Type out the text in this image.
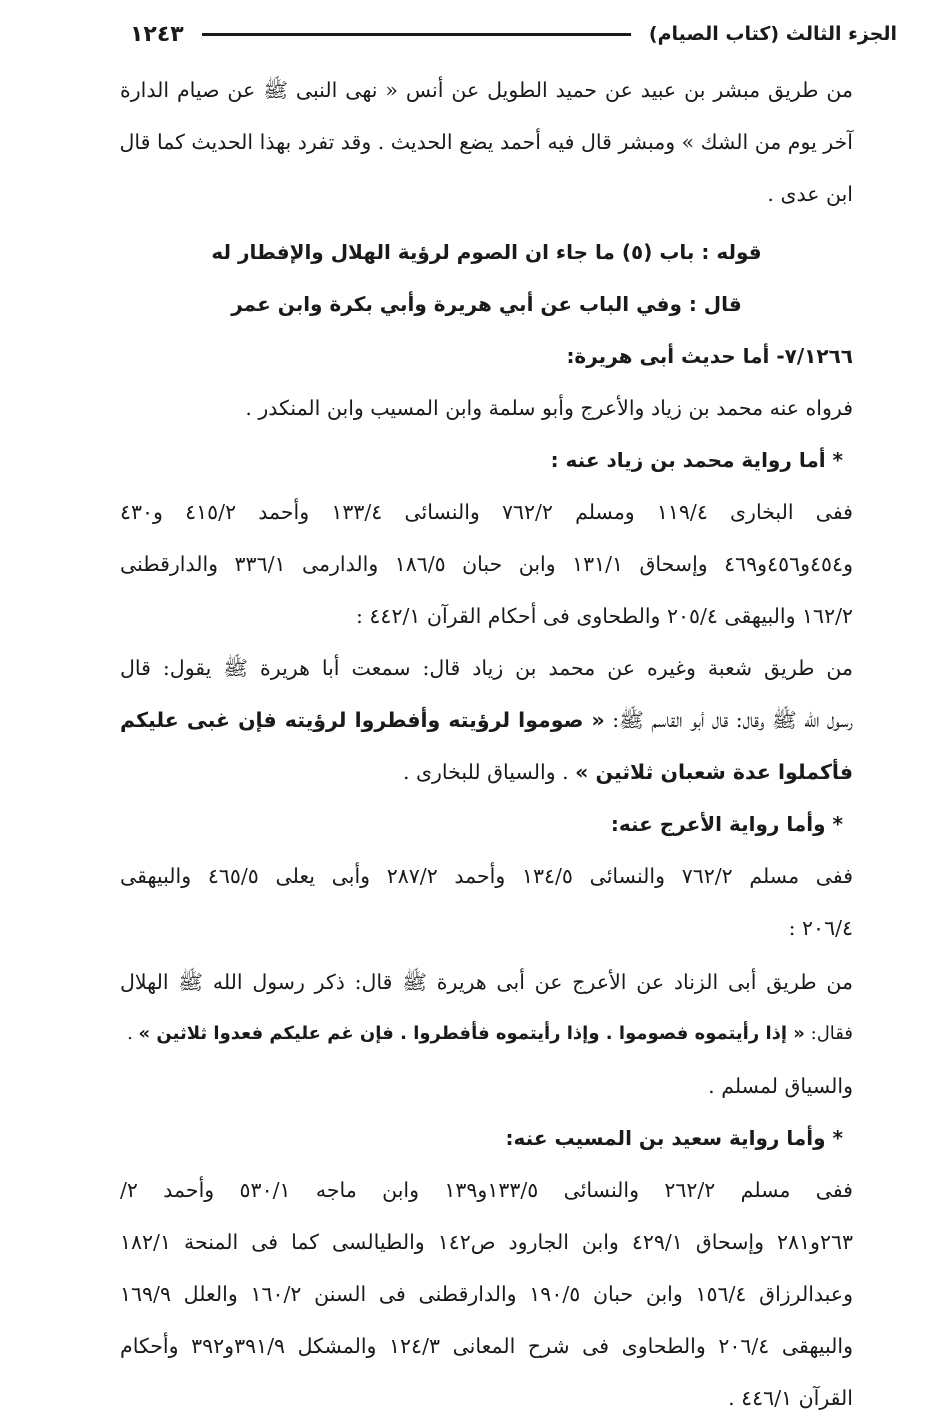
الجزء الثالث (كتاب الصيام)
١٢٤٣
من طريق مبشر بن عبيد عن حميد الطويل عن أنس « نهى النبى ﷺ عن صيام الدارة
آخر يوم من الشك » ومبشر قال فيه أحمد يضع الحديث . وقد تفرد بهذا الحديث كما قال
ابن عدى .
قوله : باب (٥) ما جاء ان الصوم لرؤية الهلال والإفطار له
قال : وفي الباب عن أبي هريرة وأبي بكرة وابن عمر
٧/١٢٦٦- أما حديث أبى هريرة:
فرواه عنه محمد بن زياد والأعرج وأبو سلمة وابن المسيب وابن المنكدر .
* أما رواية محمد بن زياد عنه :
ففى البخارى ١١٩/٤ ومسلم ٧٦٢/٢ والنسائى ١٣٣/٤ وأحمد ٤١٥/٢ و٤٣٠
و٤٥٤و٤٥٦و٤٦٩ وإسحاق ١٣١/١ وابن حبان ١٨٦/٥ والدارمى ٣٣٦/١ والدارقطنى
١٦٢/٢ والبيهقى ٢٠٥/٤ والطحاوى فى أحكام القرآن ٤٤٢/١ :
من طريق شعبة وغيره عن محمد بن زياد قال: سمعت أبا هريرة ﷺ يقول: قال
رسول الله ﷺ وقال: قال أبو القاسم ﷺ: « صوموا لرؤيته وأفطروا لرؤيته فإن غبى عليكم
فأكملوا عدة شعبان ثلاثين » . والسياق للبخارى .
* وأما رواية الأعرج عنه:
ففى مسلم ٧٦٢/٢ والنسائى ١٣٤/٥ وأحمد ٢٨٧/٢ وأبى يعلى ٤٦٥/٥ والبيهقى
٢٠٦/٤ :
من طريق أبى الزناد عن الأعرج عن أبى هريرة ﷺ قال: ذكر رسول الله ﷺ الهلال
فقال: « إذا رأيتموه فصوموا . وإذا رأيتموه فأفطروا . فإن غم عليكم فعدوا ثلاثين » .
والسياق لمسلم .
* وأما رواية سعيد بن المسيب عنه:
ففى مسلم ٢٦٢/٢ والنسائى ١٣٣/٥و١٣٩ وابن ماجه ٥٣٠/١ وأحمد ٢/
٢٦٣و٢٨١ وإسحاق ٤٢٩/١ وابن الجارود ص١٤٢ والطيالسى كما فى المنحة ١٨٢/١
وعبدالرزاق ١٥٦/٤ وابن حبان ١٩٠/٥ والدارقطنى فى السنن ١٦٠/٢ والعلل ١٦٩/٩
والبيهقى ٢٠٦/٤ والطحاوى فى شرح المعانى ١٢٤/٣ والمشكل ٣٩١/٩و٣٩٢ وأحكام
القرآن ٤٤٦/١ .
